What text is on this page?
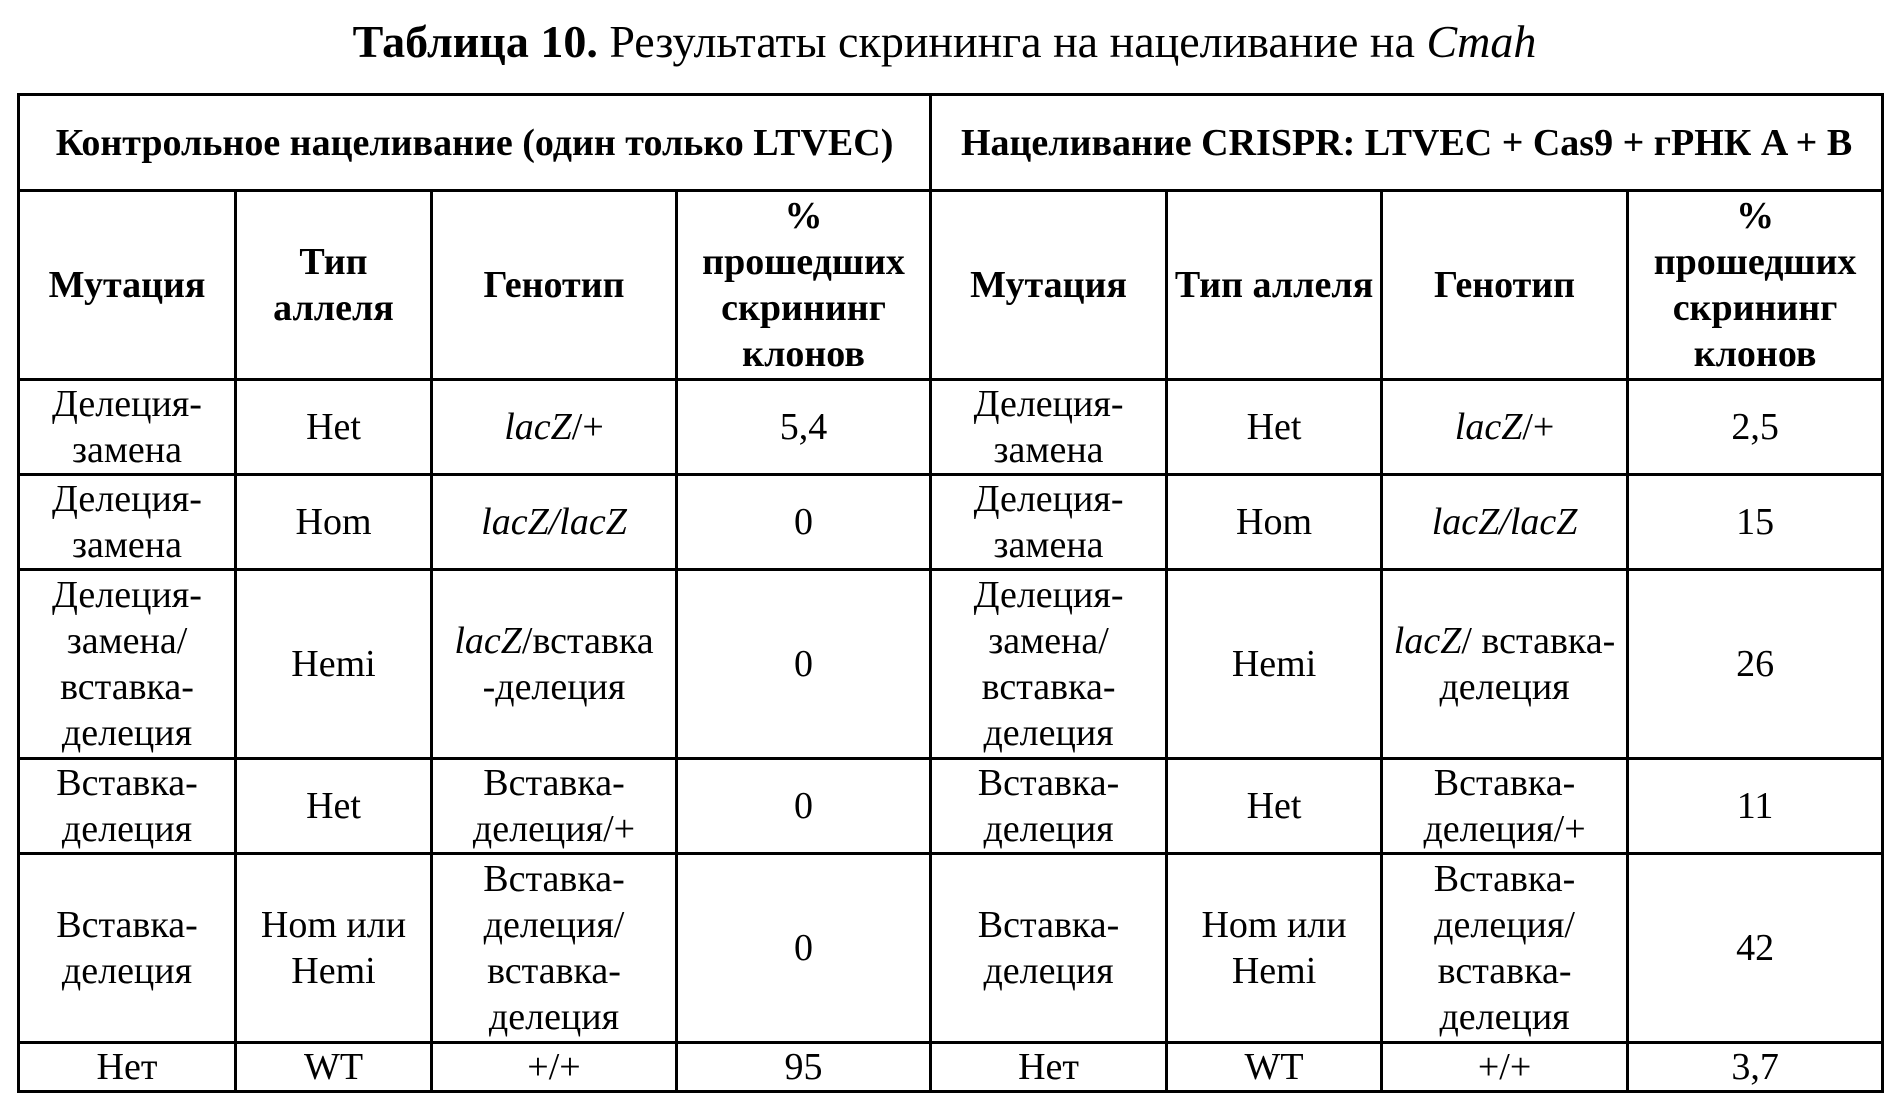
Таблица 10. Результаты скрининга на нацеливание на Cmah
Контрольное нацеливание (один только LTVEC)				Нацеливание CRISPR: LTVEC + Cas9 + гРНК A + B			
Мутация	Тип аллеля	Генотип	% прошедших скрининг клонов	Мутация	Тип аллеля	Генотип	% прошедших скрининг клонов
Делеция-замена	Het	lacZ/+	5,4	Делеция-замена	Het	lacZ/+	2,5
Делеция-замена	Hom	lacZ/lacZ	0	Делеция-замена	Hom	lacZ/lacZ	15
Делеция-замена/ вставка-делеция	Hemi	lacZ/вставка -делеция	0	Делеция-замена/ вставка-делеция	Hemi	lacZ/ вставка-делеция	26
Вставка-делеция	Het	Вставка-делеция/+	0	Вставка-делеция	Het	Вставка-делеция/+	11
Вставка-делеция	Hom или Hemi	Вставка-делеция/ вставка-делеция	0	Вставка-делеция	Hom или Hemi	Вставка-делеция/ вставка-делеция	42
Нет	WT	+/+	95	Нет	WT	+/+	3,7
